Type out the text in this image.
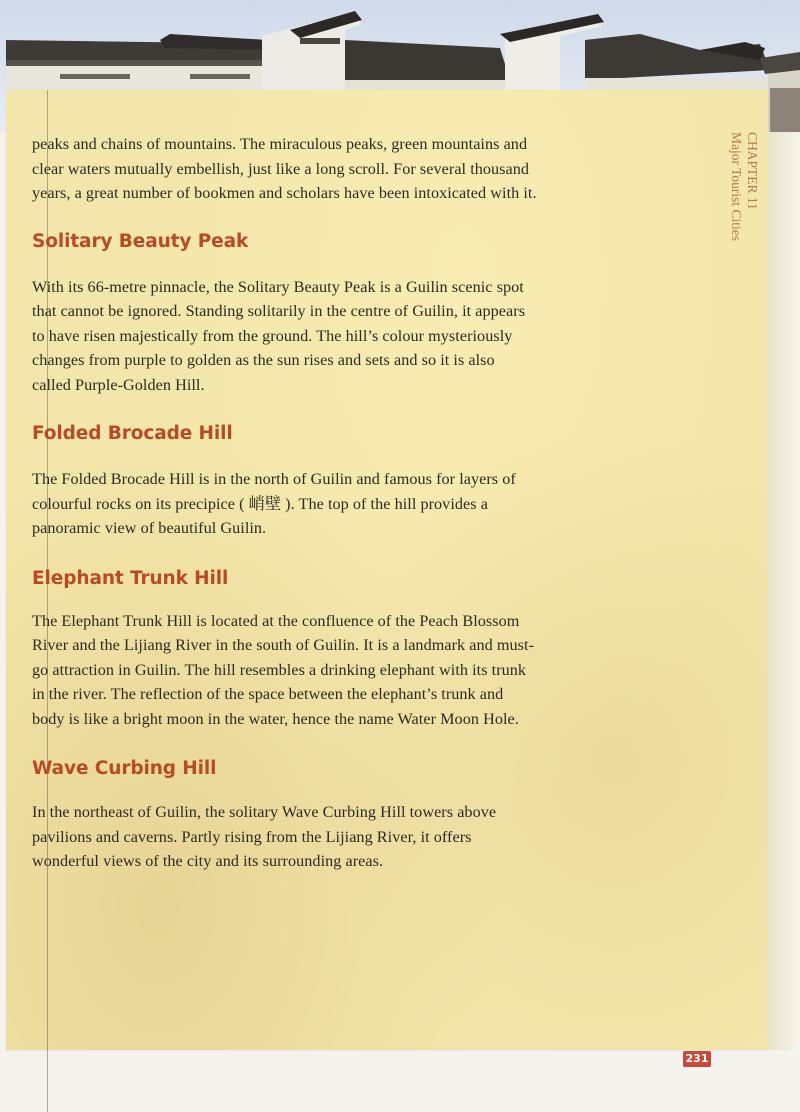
peaks and chains of mountains. The miraculous peaks, green mountains and clear waters mutually embellish, just like a long scroll. For several thousand years, a great number of bookmen and scholars have been intoxicated with it.

Solitary Beauty Peak

With its 66-metre pinnacle, the Solitary Beauty Peak is a Guilin scenic spot that cannot be ignored. Standing solitarily in the centre of Guilin, it appears to have risen majestically from the ground. The hill’s colour mysteriously changes from purple to golden as the sun rises and sets and so it is also called Purple-Golden Hill.

Folded Brocade Hill

The Folded Brocade Hill is in the north of Guilin and famous for layers of colourful rocks on its precipice ( 峭壁 ). The top of the hill provides a panoramic view of beautiful Guilin.

Elephant Trunk Hill

The Elephant Trunk Hill is located at the confluence of the Peach Blossom River and the Lijiang River in the south of Guilin. It is a landmark and must-go attraction in Guilin. The hill resembles a drinking elephant with its trunk in the river. The reflection of the space between the elephant’s trunk and body is like a bright moon in the water, hence the name Water Moon Hole.

Wave Curbing Hill

In the northeast of Guilin, the solitary Wave Curbing Hill towers above pavilions and caverns. Partly rising from the Lijiang River, it offers wonderful views of the city and its surrounding areas.

CHAPTER 11
Major Tourist Cities
231
